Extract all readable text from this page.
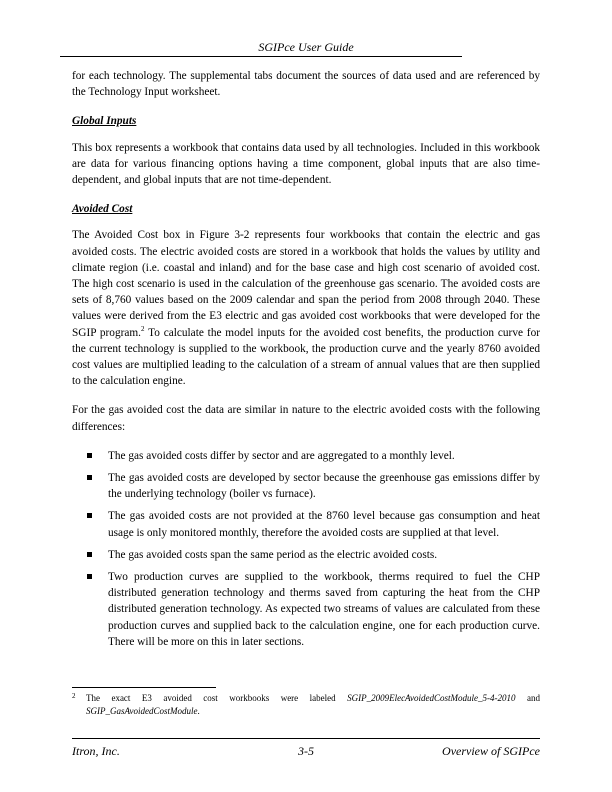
SGIPce User Guide

for each technology. The supplemental tabs document the sources of data used and are referenced by the Technology Input worksheet.

Global Inputs

This box represents a workbook that contains data used by all technologies. Included in this workbook are data for various financing options having a time component, global inputs that are also time-dependent, and global inputs that are not time-dependent.

Avoided Cost

The Avoided Cost box in Figure 3-2 represents four workbooks that contain the electric and gas avoided costs. The electric avoided costs are stored in a workbook that holds the values by utility and climate region (i.e. coastal and inland) and for the base case and high cost scenario of avoided cost. The high cost scenario is used in the calculation of the greenhouse gas scenario. The avoided costs are sets of 8,760 values based on the 2009 calendar and span the period from 2008 through 2040. These values were derived from the E3 electric and gas avoided cost workbooks that were developed for the SGIP program.$^2$ To calculate the model inputs for the avoided cost benefits, the production curve for the current technology is supplied to the workbook, the production curve and the yearly 8760 avoided cost values are multiplied leading to the calculation of a stream of annual values that are then supplied to the calculation engine.

For the gas avoided cost the data are similar in nature to the electric avoided costs with the following differences:

The gas avoided costs differ by sector and are aggregated to a monthly level.
The gas avoided costs are developed by sector because the greenhouse gas emissions differ by the underlying technology (boiler vs furnace).
The gas avoided costs are not provided at the 8760 level because gas consumption and heat usage is only monitored monthly, therefore the avoided costs are supplied at that level.
The gas avoided costs span the same period as the electric avoided costs.
Two production curves are supplied to the workbook, therms required to fuel the CHP distributed generation technology and therms saved from capturing the heat from the CHP distributed generation technology. As expected two streams of values are calculated from these production curves and supplied back to the calculation engine, one for each production curve. There will be more on this in later sections.
2	The exact E3 avoided cost workbooks were labeled SGIP_2009ElecAvoidedCostModule_5-4-2010 and SGIP_GasAvoidedCostModule.
Itron, Inc.	3-5	Overview of SGIPce
